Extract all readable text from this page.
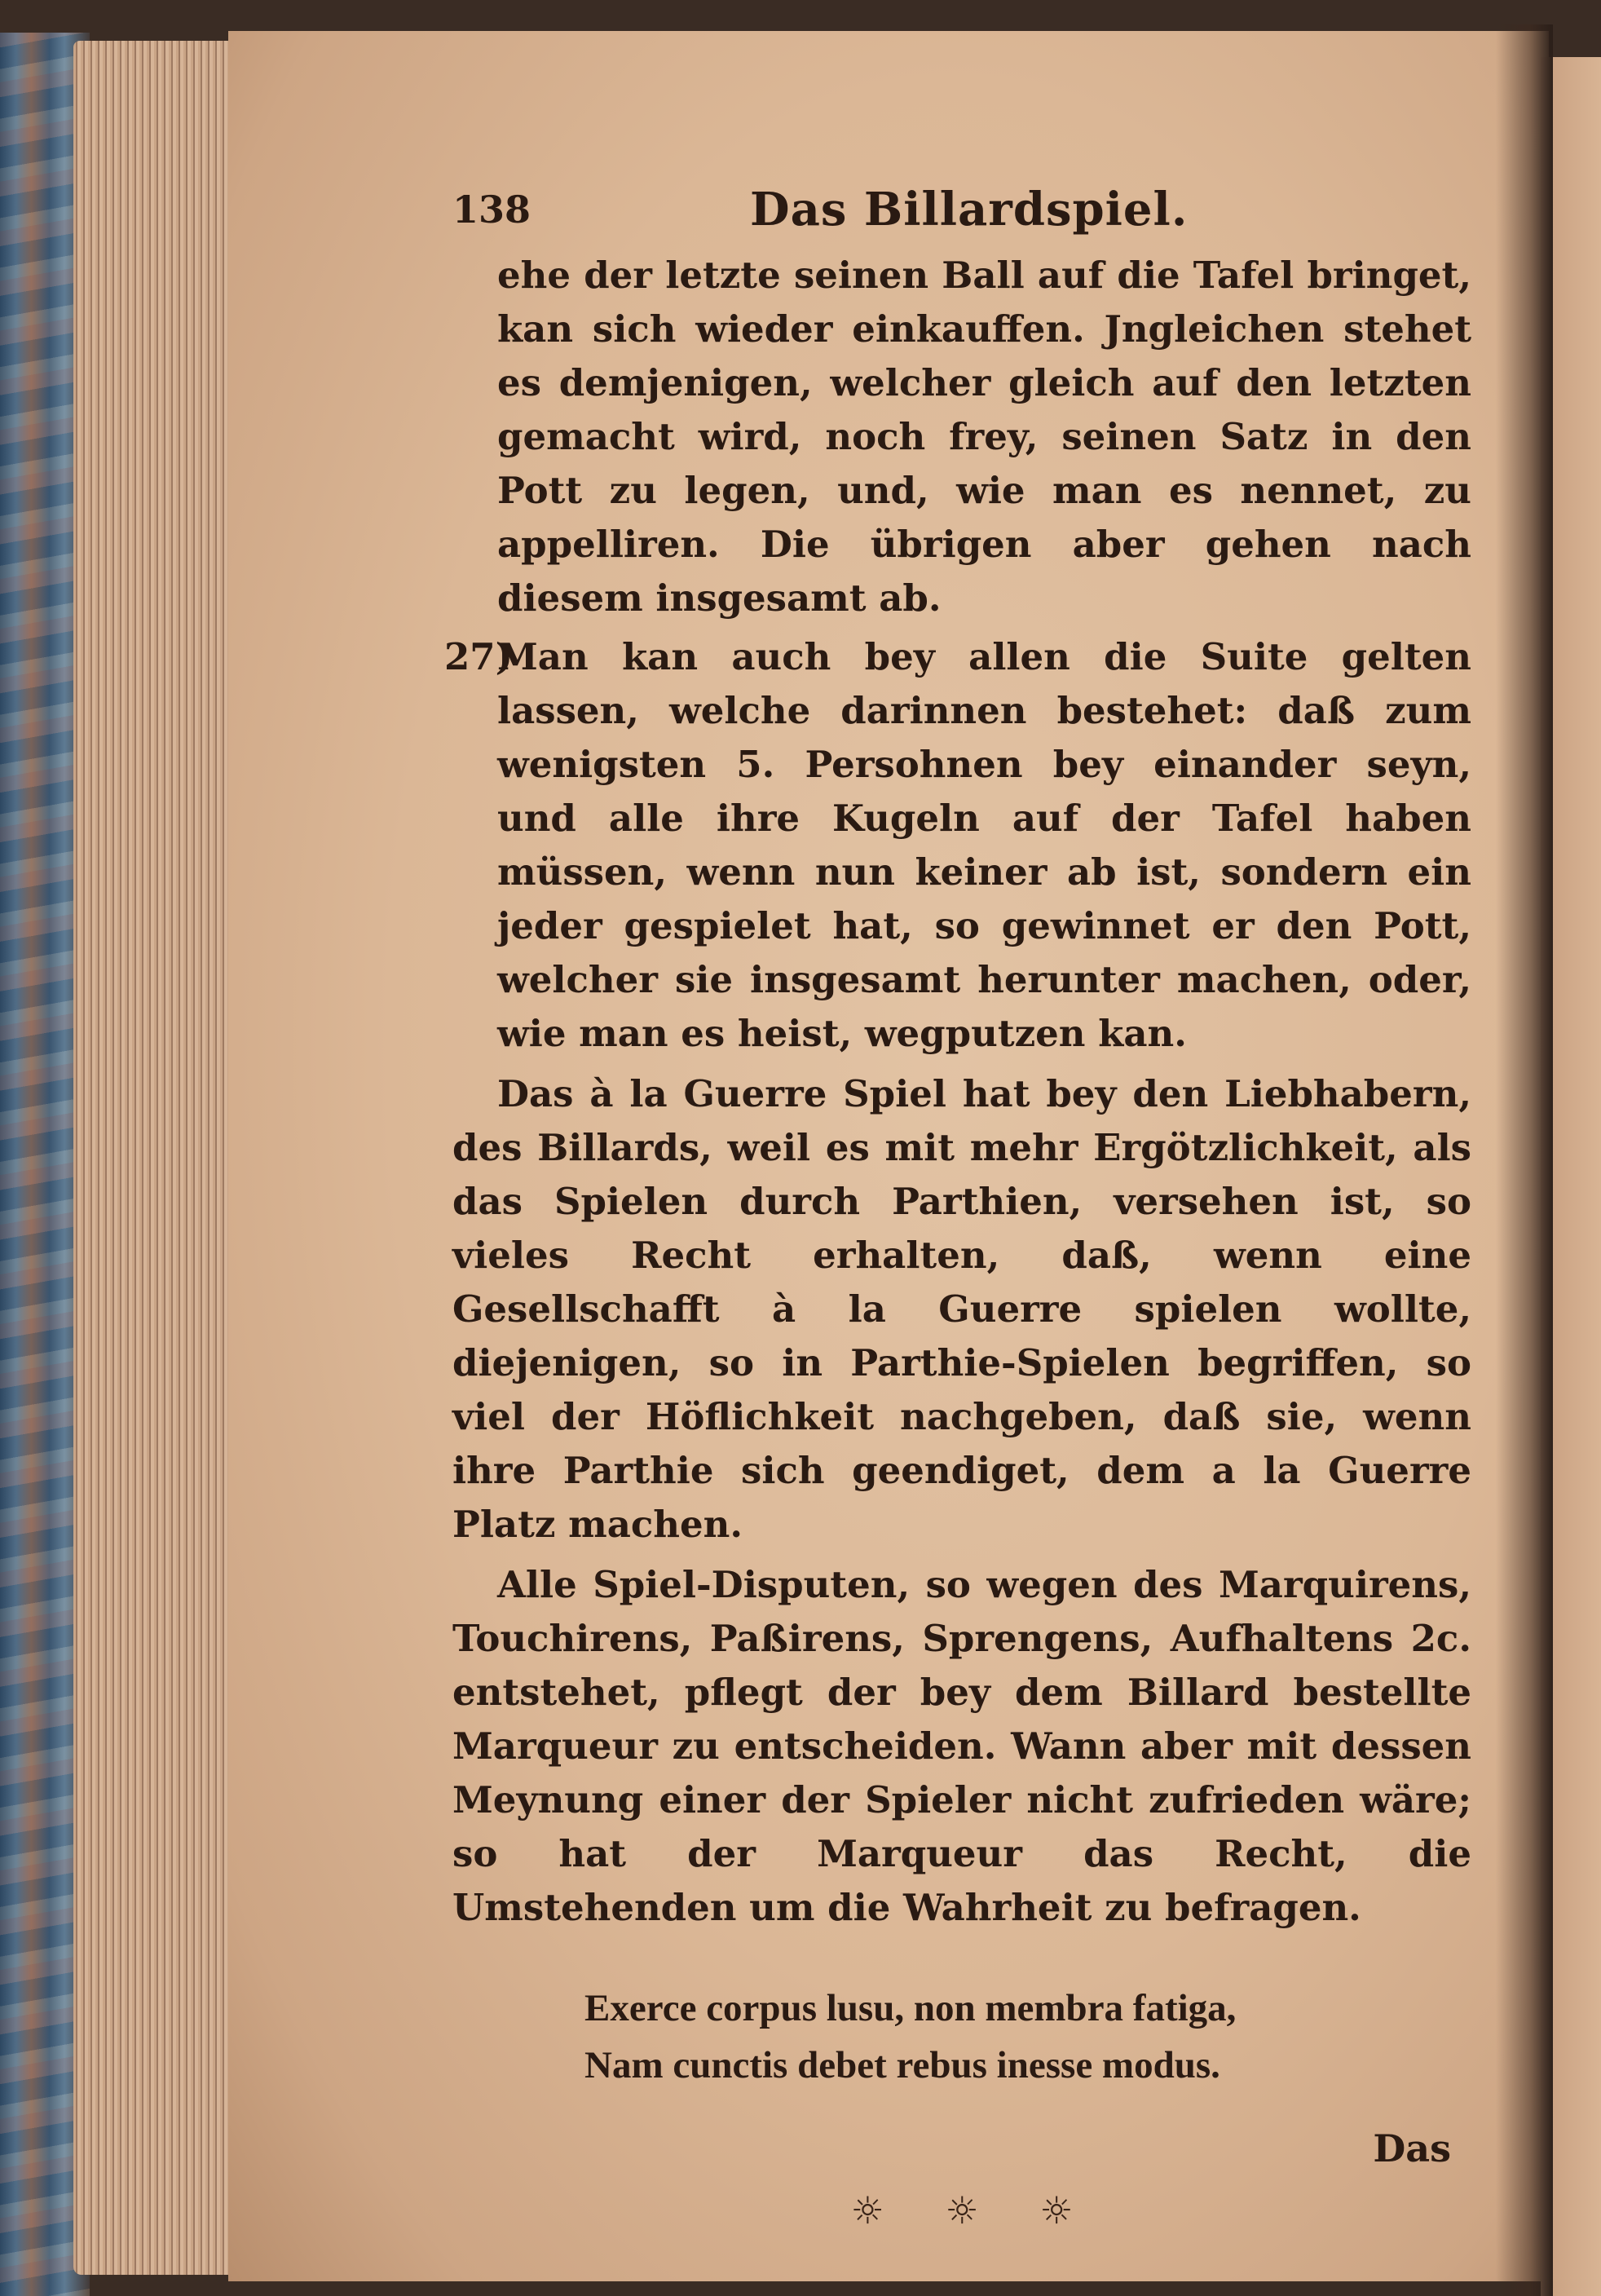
138	Das Billardspiel.

ehe der letzte seinen Ball auf die Tafel bringet, kan sich wieder einkauffen. Jngleichen stehet es demjenigen, welcher gleich auf den letzten gemacht wird, noch frey, seinen Satz in den Pott zu legen, und, wie man es nennet, zu appelliren. Die übrigen aber gehen nach diesem insgesamt ab.

27)
Man kan auch bey allen die Suite gelten lassen, welche darinnen bestehet: daß zum wenigsten 5. Persohnen bey einander seyn, und alle ihre Kugeln auf der Tafel haben müssen, wenn nun keiner ab ist, sondern ein jeder gespielet hat, so gewinnet er den Pott, welcher sie insgesamt herunter machen, oder, wie man es heist, wegputzen kan.

Das à la Guerre Spiel hat bey den Liebhabern, des Billards, weil es mit mehr Ergötzlichkeit, als das Spielen durch Parthien, versehen ist, so vieles Recht erhalten, daß, wenn eine Gesellschafft à la Guerre spielen wollte, diejenigen, so in Parthie-Spielen begriffen, so viel der Höflichkeit nachgeben, daß sie, wenn ihre Parthie sich geendiget, dem a la Guerre Platz machen.

Alle Spiel-Disputen, so wegen des Marquirens, Touchirens, Paßirens, Sprengens, Aufhaltens 2c. entstehet, pflegt der bey dem Billard bestellte Marqueur zu entscheiden. Wann aber mit dessen Meynung einer der Spieler nicht zufrieden wäre; so hat der Marqueur das Recht, die Umstehenden um die Wahrheit zu befragen.

Exerce corpus lusu, non membra fatiga,
Nam cunctis debet rebus inesse modus.
Das
☼ ☼ ☼
